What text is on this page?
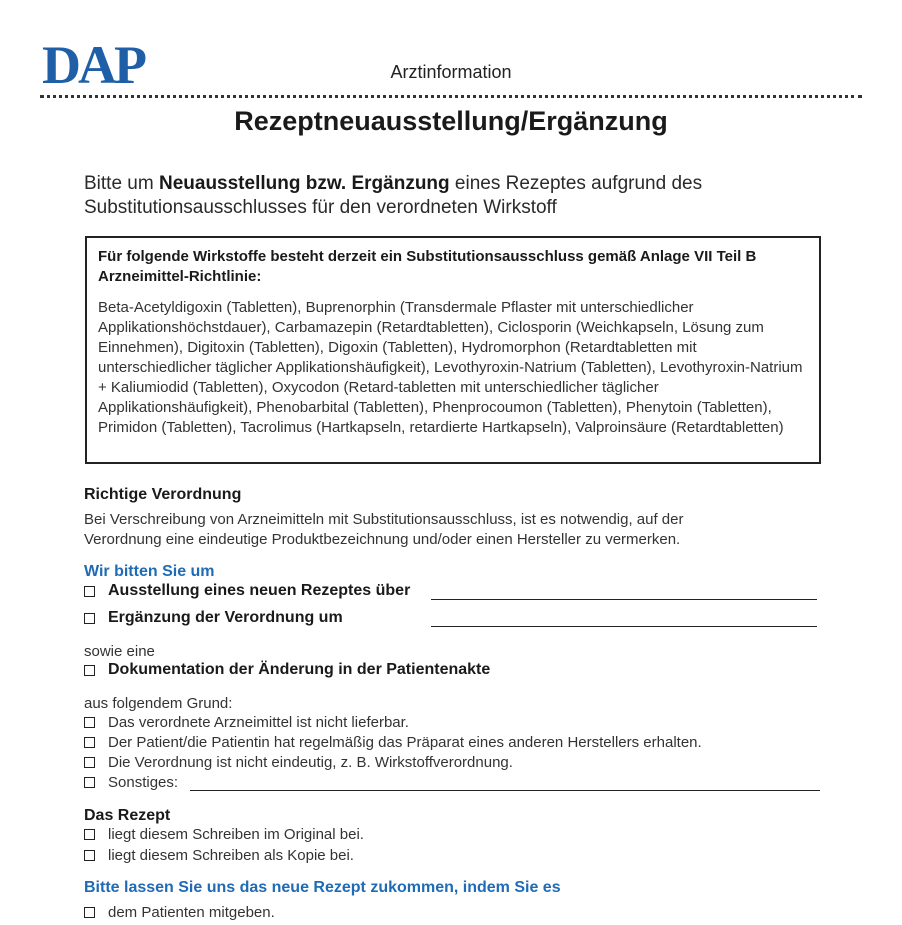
DAP	Arztinformation
Rezeptneuausstellung/Ergänzung
Bitte um Neuausstellung bzw. Ergänzung eines Rezeptes aufgrund des Substitutionsausschlusses für den verordneten Wirkstoff
Für folgende Wirkstoffe besteht derzeit ein Substitutionsausschluss gemäß Anlage VII Teil B Arzneimittel-Richtlinie:
Beta-Acetyldigoxin (Tabletten), Buprenorphin (Transdermale Pflaster mit unterschiedlicher Applikationshöchstdauer), Carbamazepin (Retardtabletten), Ciclosporin (Weichkapseln, Lösung zum Einnehmen), Digitoxin (Tabletten), Digoxin (Tabletten), Hydromorphon (Retardtabletten mit unterschiedlicher täglicher Applikationshäufigkeit), Levothyroxin-Natrium (Tabletten), Levothyroxin-Natrium + Kaliumiodid (Tabletten), Oxycodon (Retard-tabletten mit unterschiedlicher täglicher Applikationshäufigkeit), Phenobarbital (Tabletten), Phenprocoumon (Tabletten), Phenytoin (Tabletten), Primidon (Tabletten), Tacrolimus (Hartkapseln, retardierte Hartkapseln), Valproinsäure (Retardtabletten)
Richtige Verordnung
Bei Verschreibung von Arzneimitteln mit Substitutionsausschluss, ist es notwendig, auf der Verordnung eine eindeutige Produktbezeichnung und/oder einen Hersteller zu vermerken.
Wir bitten Sie um
Ausstellung eines neuen Rezeptes über
Ergänzung der Verordnung um
sowie eine
Dokumentation der Änderung in der Patientenakte
aus folgendem Grund:
Das verordnete Arzneimittel ist nicht lieferbar.
Der Patient/die Patientin hat regelmäßig das Präparat eines anderen Herstellers erhalten.
Die Verordnung ist nicht eindeutig, z. B. Wirkstoffverordnung.
Sonstiges:
Das Rezept
liegt diesem Schreiben im Original bei.
liegt diesem Schreiben als Kopie bei.
Bitte lassen Sie uns das neue Rezept zukommen, indem Sie es
dem Patienten mitgeben.
